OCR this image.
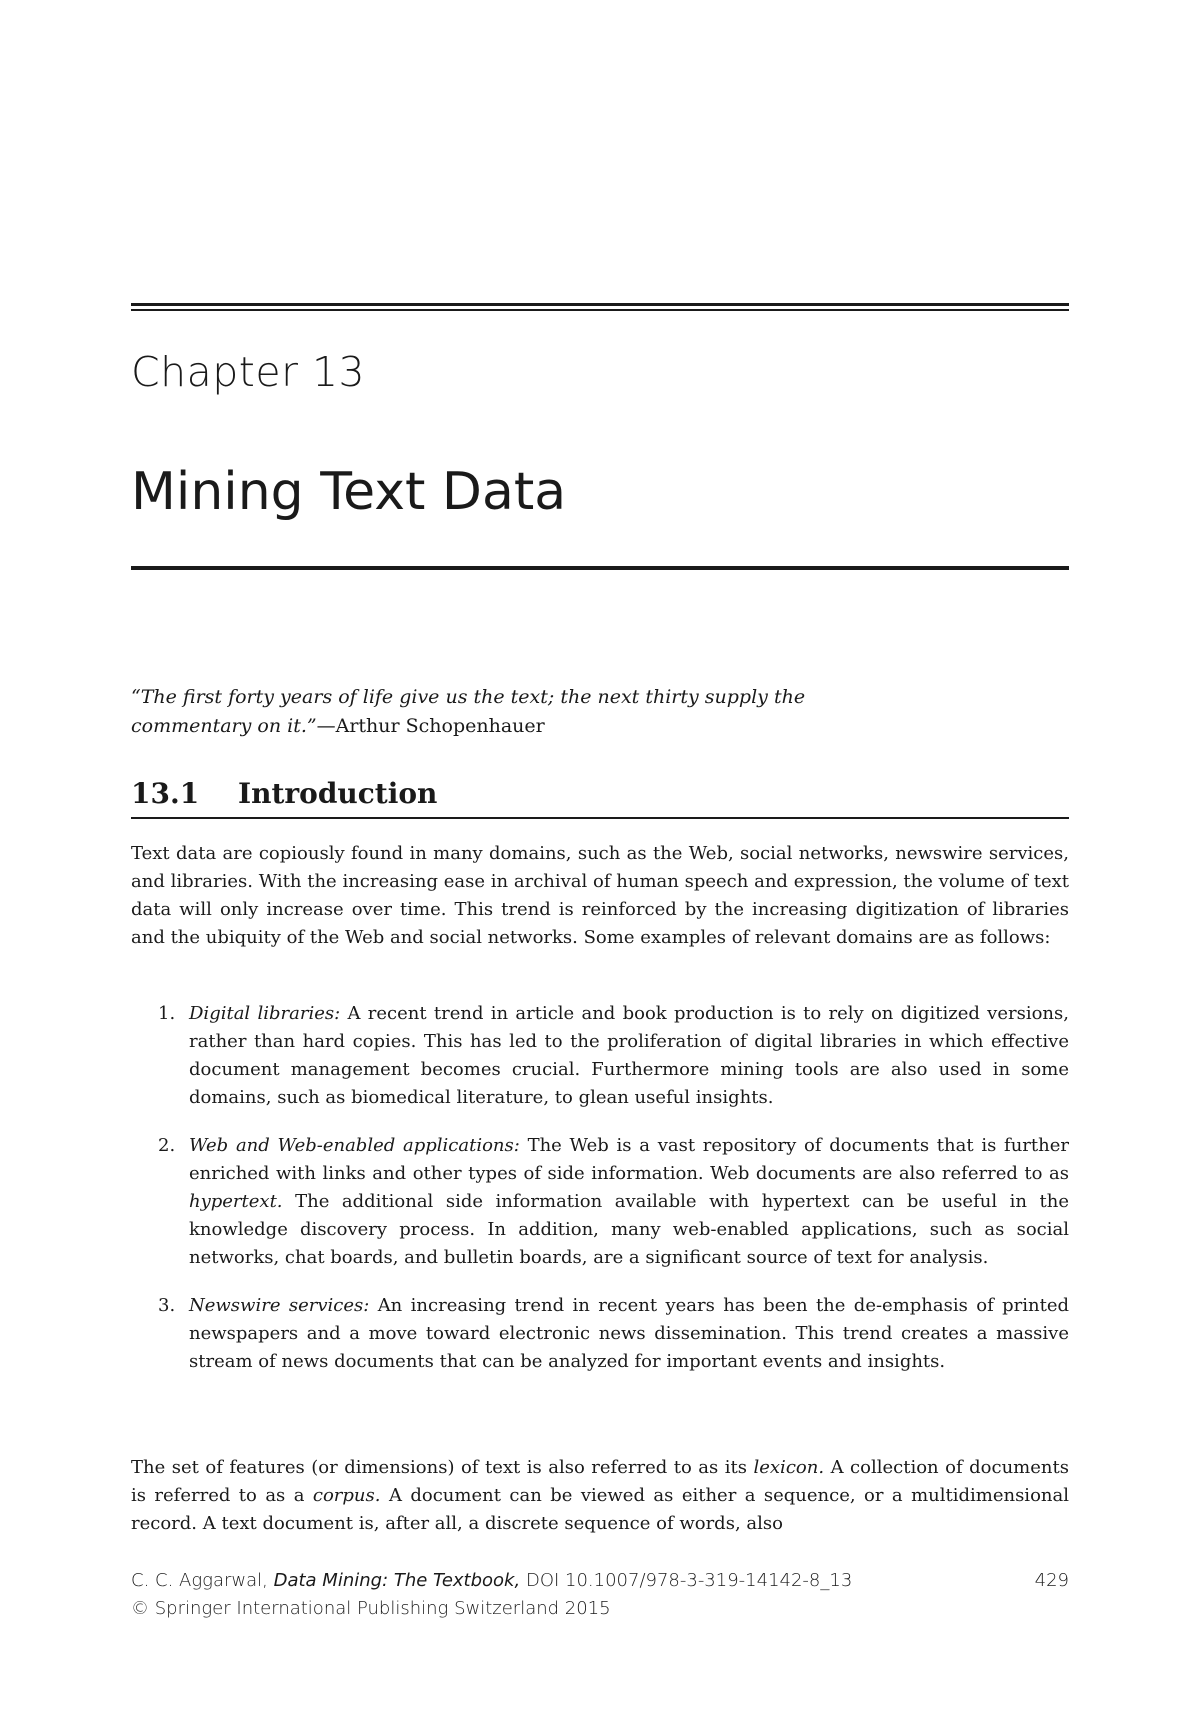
Chapter 13
Mining Text Data
“The first forty years of life give us the text; the next thirty supply the commentary on it.”—Arthur Schopenhauer
13.1 Introduction
Text data are copiously found in many domains, such as the Web, social networks, newswire services, and libraries. With the increasing ease in archival of human speech and expression, the volume of text data will only increase over time. This trend is reinforced by the increasing digitization of libraries and the ubiquity of the Web and social networks. Some examples of relevant domains are as follows:
1. Digital libraries: A recent trend in article and book production is to rely on digitized versions, rather than hard copies. This has led to the proliferation of digital libraries in which effective document management becomes crucial. Furthermore mining tools are also used in some domains, such as biomedical literature, to glean useful insights.
2. Web and Web-enabled applications: The Web is a vast repository of documents that is further enriched with links and other types of side information. Web documents are also referred to as hypertext. The additional side information available with hypertext can be useful in the knowledge discovery process. In addition, many web-enabled applications, such as social networks, chat boards, and bulletin boards, are a significant source of text for analysis.
3. Newswire services: An increasing trend in recent years has been the de-emphasis of printed newspapers and a move toward electronic news dissemination. This trend creates a massive stream of news documents that can be analyzed for important events and insights.
The set of features (or dimensions) of text is also referred to as its lexicon. A collection of documents is referred to as a corpus. A document can be viewed as either a sequence, or a multidimensional record. A text document is, after all, a discrete sequence of words, also
C. C. Aggarwal, Data Mining: The Textbook, DOI 10.1007/978-3-319-14142-8_13	429
© Springer International Publishing Switzerland 2015
